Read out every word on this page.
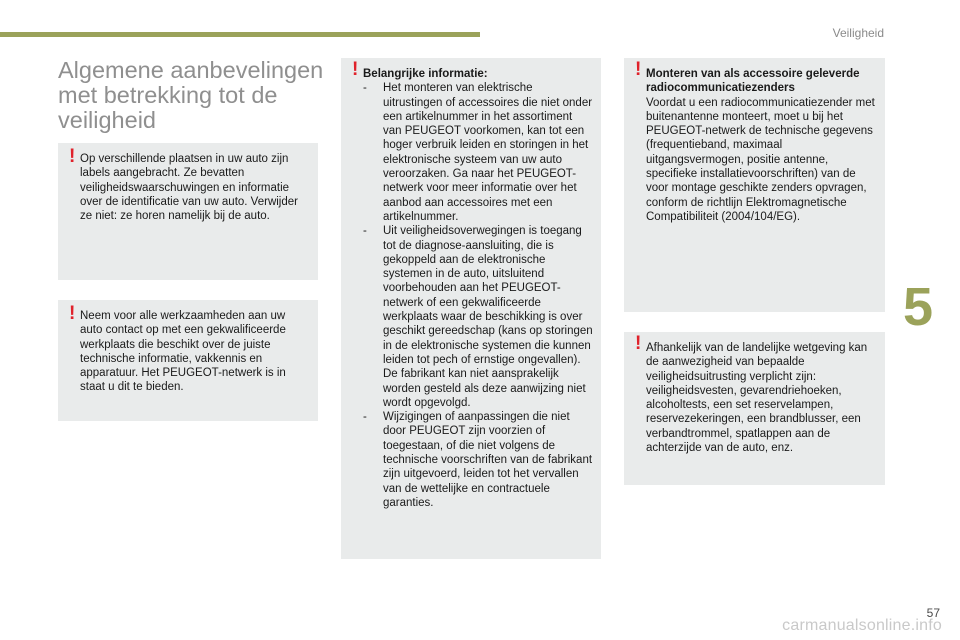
Veiligheid
5
Algemene aanbevelingen met betrekking tot de veiligheid
! Op verschillende plaatsen in uw auto zijn labels aangebracht. Ze bevatten veiligheidswaarschuwingen en informatie over de identificatie van uw auto. Verwijder ze niet: ze horen namelijk bij de auto.

! Neem voor alle werkzaamheden aan uw auto contact op met een gekwalificeerde werkplaats die beschikt over de juiste technische informatie, vakkennis en apparatuur. Het PEUGEOT-netwerk is in staat u dit te bieden.

! Belangrijke informatie:

- Het monteren van elektrische uitrustingen of accessoires die niet onder een artikelnummer in het assortiment van PEUGEOT voorkomen, kan tot een hoger verbruik leiden en storingen in het elektronische systeem van uw auto veroorzaken. Ga naar het PEUGEOT-netwerk voor meer informatie over het aanbod aan accessoires met een artikelnummer.
- Uit veiligheidsoverwegingen is toegang tot de diagnose-aansluiting, die is gekoppeld aan de elektronische systemen in de auto, uitsluitend voorbehouden aan het PEUGEOT-netwerk of een gekwalificeerde werkplaats waar de beschikking is over geschikt gereedschap (kans op storingen in de elektronische systemen die kunnen leiden tot pech of ernstige ongevallen). De fabrikant kan niet aansprakelijk worden gesteld als deze aanwijzing niet wordt opgevolgd.
- Wijzigingen of aanpassingen die niet door PEUGEOT zijn voorzien of toegestaan, of die niet volgens de technische voorschriften van de fabrikant zijn uitgevoerd, leiden tot het vervallen van de wettelijke en contractuele garanties.
! Monteren van als accessoire geleverde radiocommunicatiezenders

Voordat u een radiocommunicatiezender met buitenantenne monteert, moet u bij het PEUGEOT-netwerk de technische gegevens (frequentieband, maximaal uitgangsvermogen, positie antenne, specifieke installatievoorschriften) van de voor montage geschikte zenders opvragen, conform de richtlijn Elektromagnetische Compatibiliteit (2004/104/EG).

! Afhankelijk van de landelijke wetgeving kan de aanwezigheid van bepaalde veiligheidsuitrusting verplicht zijn: veiligheidsvesten, gevarendriehoeken, alcoholtests, een set reservelampen, reservezekeringen, een brandblusser, een verbandtrommel, spatlappen aan de achterzijde van de auto, enz.

57
carmanualsonline.info
